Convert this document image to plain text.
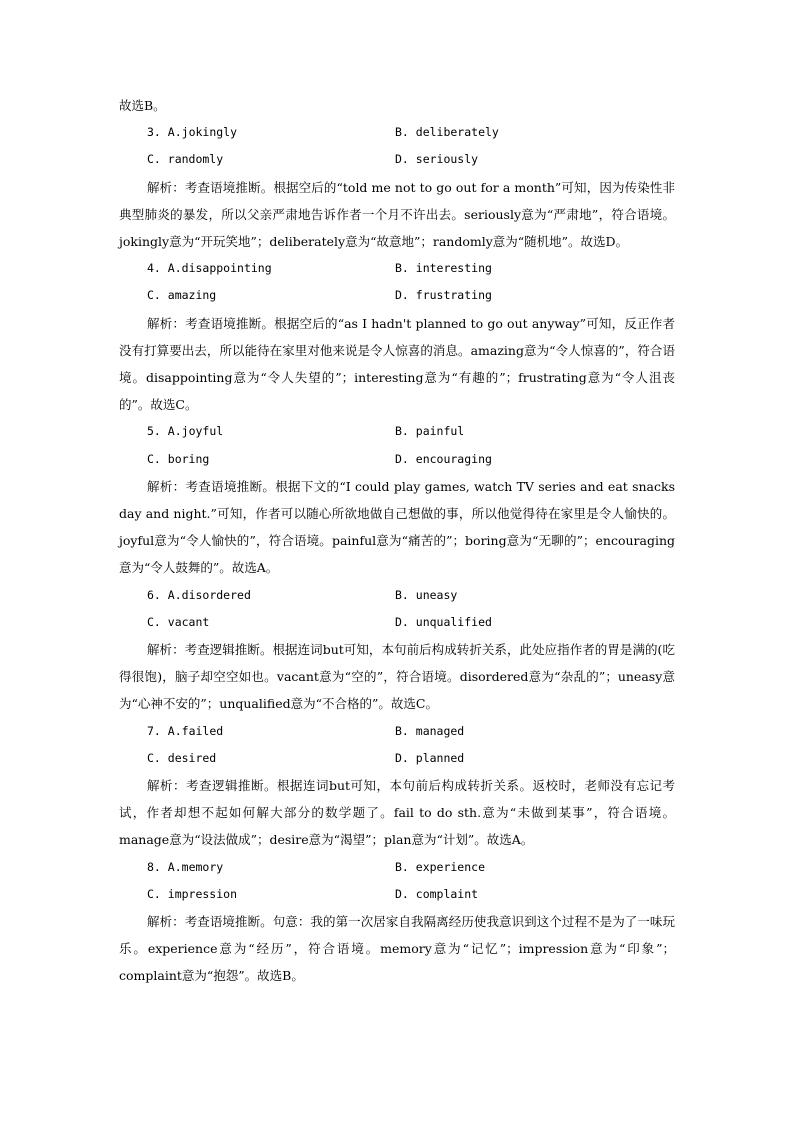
故选B。
3. A.jokingly	B. deliberately
C. randomly	D. seriously

解析：考查语境推断。根据空后的“told me not to go out for a month”可知，因为传染性非典型肺炎的暴发，所以父亲严肃地告诉作者一个月不许出去。seriously意为“严肃地”，符合语境。jokingly意为“开玩笑地”；deliberately意为“故意地”；randomly意为“随机地”。故选D。

4. A.disappointing	B. interesting
C. amazing	D. frustrating

解析：考查语境推断。根据空后的“as I hadn't planned to go out anyway”可知，反正作者没有打算要出去，所以能待在家里对他来说是令人惊喜的消息。amazing意为“令人惊喜的”，符合语境。disappointing意为“令人失望的”；interesting意为“有趣的”；frustrating意为“令人沮丧的”。故选C。

5. A.joyful	B. painful
C. boring	D. encouraging

解析：考查语境推断。根据下文的“I could play games, watch TV series and eat snacks day and night.”可知，作者可以随心所欲地做自己想做的事，所以他觉得待在家里是令人愉快的。joyful意为“令人愉快的”，符合语境。painful意为“痛苦的”；boring意为“无聊的”；encouraging意为“令人鼓舞的”。故选A。

6. A.disordered	B. uneasy
C. vacant	D. unqualified

解析：考查逻辑推断。根据连词but可知，本句前后构成转折关系，此处应指作者的胃是满的(吃得很饱)，脑子却空空如也。vacant意为“空的”，符合语境。disordered意为“杂乱的”；uneasy意为“心神不安的”；unqualified意为“不合格的”。故选C。

7. A.failed	B. managed
C. desired	D. planned

解析：考查逻辑推断。根据连词but可知，本句前后构成转折关系。返校时，老师没有忘记考试，作者却想不起如何解大部分的数学题了。fail to do sth.意为“未做到某事”，符合语境。manage意为“设法做成”；desire意为“渴望”；plan意为“计划”。故选A。

8. A.memory	B. experience
C. impression	D. complaint

解析：考查语境推断。句意：我的第一次居家自我隔离经历使我意识到这个过程不是为了一味玩乐。experience意为“经历”，符合语境。memory意为“记忆”；impression意为“印象”；complaint意为“抱怨”。故选B。
